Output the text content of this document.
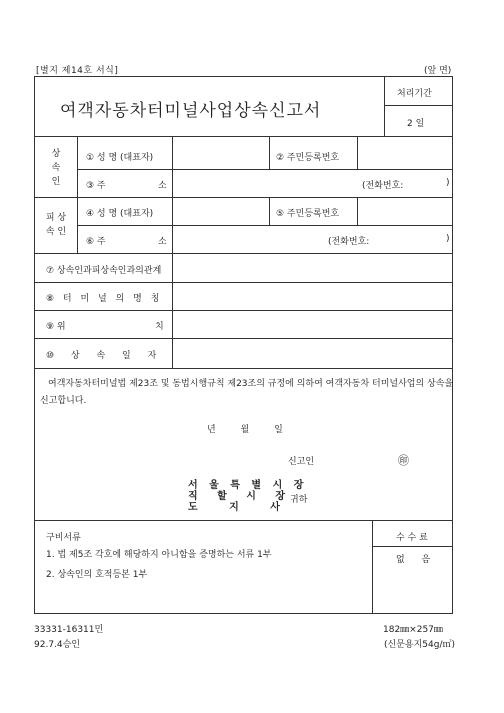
[별지 제14호 서식]	(앞 면)
여객자동차터미널사업상속신고서
처리기간
2 일
상
속
인
① 성 명 (대표자)	② 주민등록번호
③ 주	소	(전화번호:	)
피 상
속 인
④ 성 명 (대표자)	⑤ 주민등록번호
⑥ 주	소	(전화번호:	)
⑦ 상속인과피상속인과의관계
⑧ 터 미 널 의 명 칭
⑨ 위	치
⑩ 상 속 일 자
여객자동차터미널법 제23조 및 동법시행규칙 제23조의 규정에 의하여 여객자동차 터미널사업의 상속을 신고합니다.
년 월 일
신고인	㊞
서 울 특 별 시 장
직 할 시 장
도 지 사
귀하
구비서류
1. 법 제5조 각호에 해당하지 아니함을 증명하는 서류 1부
2. 상속인의 호적등본 1부
수 수 료
없 음
33331-16311민
92.7.4승인
182㎜×257㎜
(신문용지54g/㎡)
